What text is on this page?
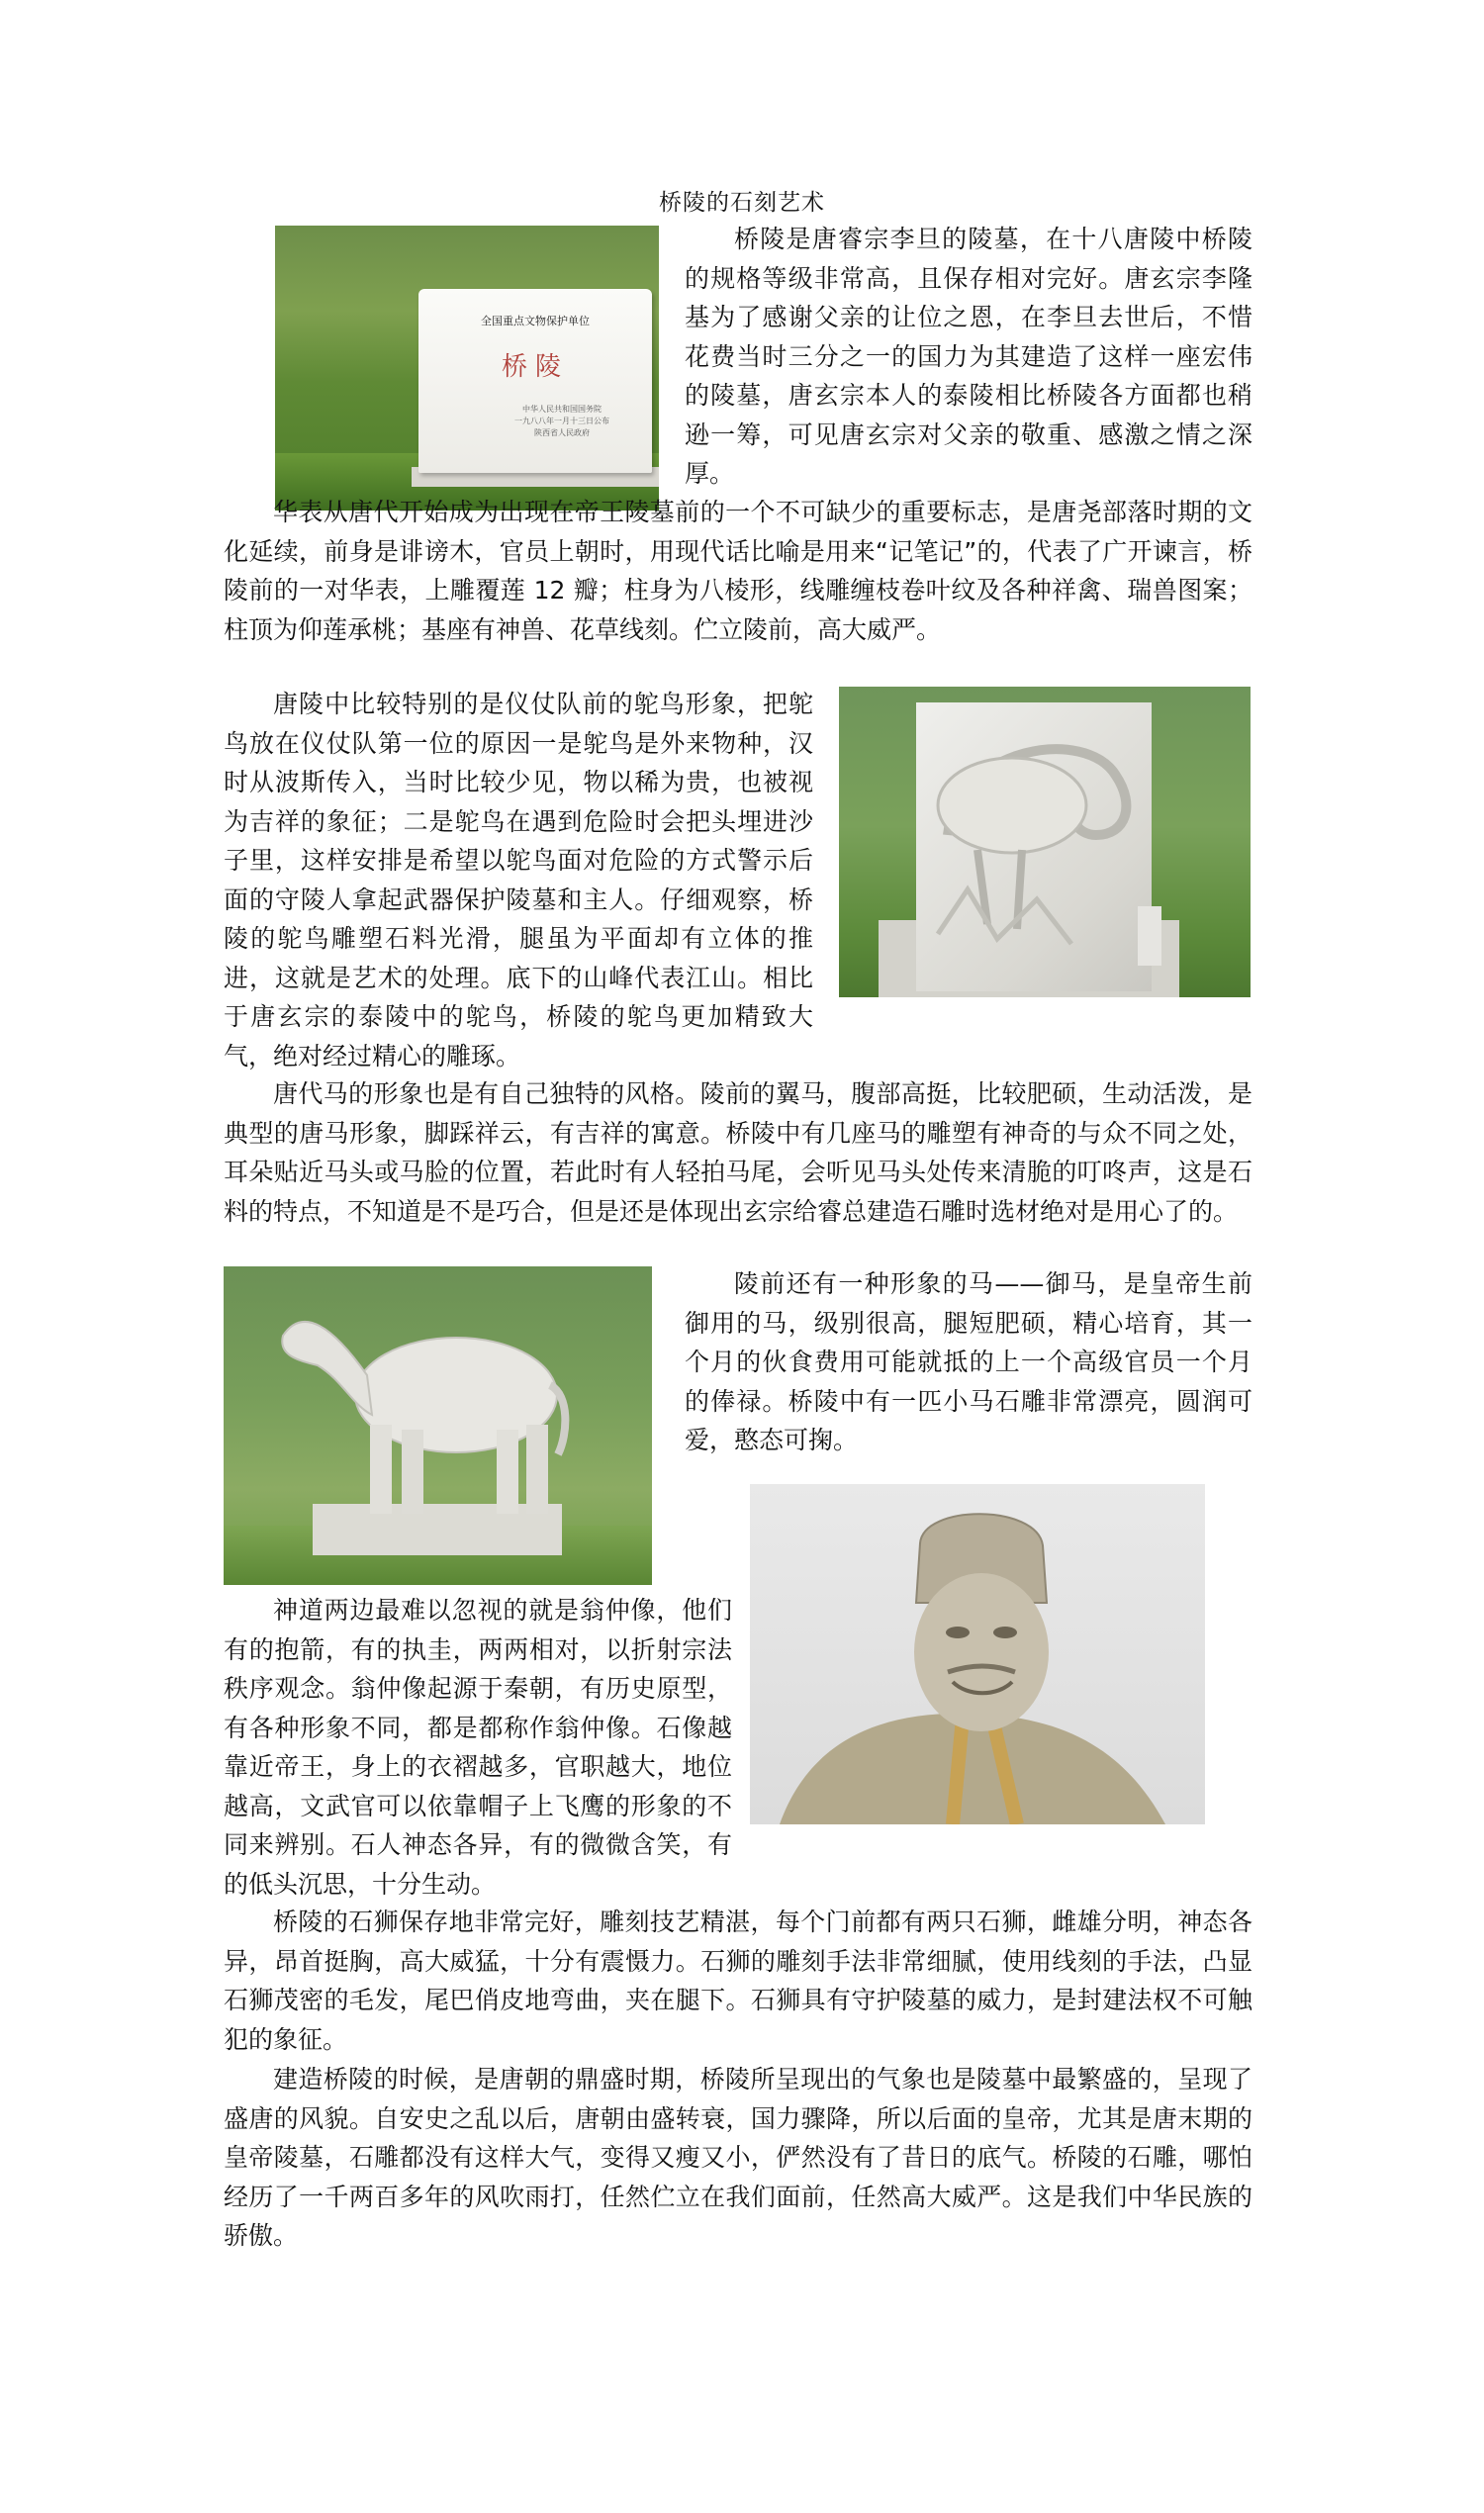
桥陵的石刻艺术
全国重点文物保护单位
桥陵
中华人民共和国国务院
一九八八年一月十三日公布
陕西省人民政府

桥陵是唐睿宗李旦的陵墓，在十八唐陵中桥陵的规格等级非常高，且保存相对完好。唐玄宗李隆基为了感谢父亲的让位之恩，在李旦去世后，不惜花费当时三分之一的国力为其建造了这样一座宏伟的陵墓，唐玄宗本人的泰陵相比桥陵各方面都也稍逊一筹，可见唐玄宗对父亲的敬重、感激之情之深厚。

华表从唐代开始成为出现在帝王陵墓前的一个不可缺少的重要标志，是唐尧部落时期的文化延续，前身是诽谤木，官员上朝时，用现代话比喻是用来“记笔记”的，代表了广开谏言，桥陵前的一对华表，上雕覆莲 12 瓣；柱身为八棱形，线雕缠枝卷叶纹及各种祥禽、瑞兽图案；柱顶为仰莲承桃；基座有神兽、花草线刻。伫立陵前，高大威严。

唐陵中比较特别的是仪仗队前的鸵鸟形象，把鸵鸟放在仪仗队第一位的原因一是鸵鸟是外来物种，汉时从波斯传入，当时比较少见，物以稀为贵，也被视为吉祥的象征；二是鸵鸟在遇到危险时会把头埋进沙子里，这样安排是希望以鸵鸟面对危险的方式警示后面的守陵人拿起武器保护陵墓和主人。仔细观察，桥陵的鸵鸟雕塑石料光滑，腿虽为平面却有立体的推进，这就是艺术的处理。底下的山峰代表江山。相比于唐玄宗的泰陵中的鸵鸟，桥陵的鸵鸟更加精致大气，绝对经过精心的雕琢。

唐代马的形象也是有自己独特的风格。陵前的翼马，腹部高挺，比较肥硕，生动活泼，是典型的唐马形象，脚踩祥云，有吉祥的寓意。桥陵中有几座马的雕塑有神奇的与众不同之处，耳朵贴近马头或马脸的位置，若此时有人轻拍马尾，会听见马头处传来清脆的叮咚声，这是石料的特点，不知道是不是巧合，但是还是体现出玄宗给睿总建造石雕时选材绝对是用心了的。

陵前还有一种形象的马——御马，是皇帝生前御用的马，级别很高，腿短肥硕，精心培育，其一个月的伙食费用可能就抵的上一个高级官员一个月的俸禄。桥陵中有一匹小马石雕非常漂亮，圆润可爱，憨态可掬。

神道两边最难以忽视的就是翁仲像，他们有的抱箭，有的执圭，两两相对，以折射宗法秩序观念。翁仲像起源于秦朝，有历史原型，有各种形象不同，都是都称作翁仲像。石像越靠近帝王，身上的衣褶越多，官职越大，地位越高，文武官可以依靠帽子上飞鹰的形象的不同来辨别。石人神态各异，有的微微含笑，有的低头沉思，十分生动。

桥陵的石狮保存地非常完好，雕刻技艺精湛，每个门前都有两只石狮，雌雄分明，神态各异，昂首挺胸，高大威猛，十分有震慑力。石狮的雕刻手法非常细腻，使用线刻的手法，凸显石狮茂密的毛发，尾巴俏皮地弯曲，夹在腿下。石狮具有守护陵墓的威力，是封建法权不可触犯的象征。

建造桥陵的时候，是唐朝的鼎盛时期，桥陵所呈现出的气象也是陵墓中最繁盛的，呈现了盛唐的风貌。自安史之乱以后，唐朝由盛转衰，国力骤降，所以后面的皇帝，尤其是唐末期的皇帝陵墓，石雕都没有这样大气，变得又瘦又小，俨然没有了昔日的底气。桥陵的石雕，哪怕经历了一千两百多年的风吹雨打，任然伫立在我们面前，任然高大威严。这是我们中华民族的骄傲。
